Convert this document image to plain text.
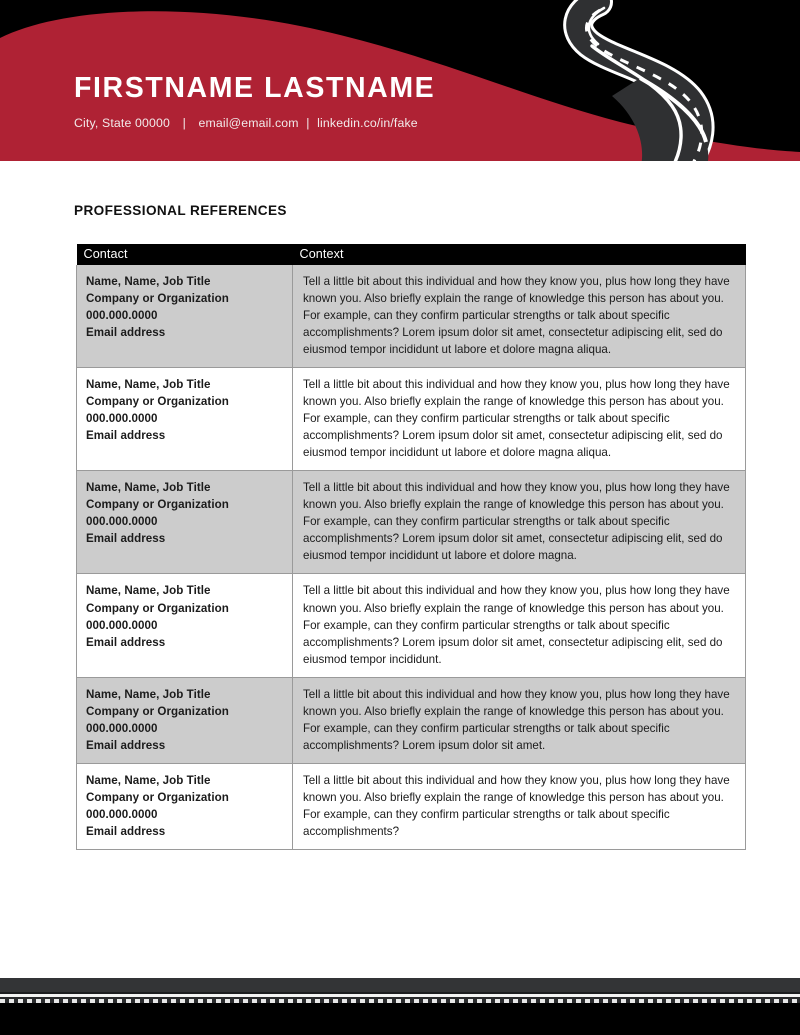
FIRSTNAME LASTNAME

City, State 00000 | email@email.com | linkedin.co/in/fake

PROFESSIONAL REFERENCES
Contact	Context

Name, Name, Job Title
Company or Organization
000.000.0000
Email address
	Tell a little bit about this individual and how they know you, plus how long they have known you. Also briefly explain the range of knowledge this person has about you. For example, can they confirm particular strengths or talk about specific accomplishments? Lorem ipsum dolor sit amet, consectetur adipiscing elit, sed do eiusmod tempor incididunt ut labore et dolore magna aliqua.

Name, Name, Job Title
Company or Organization
000.000.0000
Email address
	Tell a little bit about this individual and how they know you, plus how long they have known you. Also briefly explain the range of knowledge this person has about you. For example, can they confirm particular strengths or talk about specific accomplishments? Lorem ipsum dolor sit amet, consectetur adipiscing elit, sed do eiusmod tempor incididunt ut labore et dolore magna aliqua.

Name, Name, Job Title
Company or Organization
000.000.0000
Email address
	Tell a little bit about this individual and how they know you, plus how long they have known you. Also briefly explain the range of knowledge this person has about you. For example, can they confirm particular strengths or talk about specific accomplishments? Lorem ipsum dolor sit amet, consectetur adipiscing elit, sed do eiusmod tempor incididunt ut labore et dolore magna.

Name, Name, Job Title
Company or Organization
000.000.0000
Email address
	Tell a little bit about this individual and how they know you, plus how long they have known you. Also briefly explain the range of knowledge this person has about you. For example, can they confirm particular strengths or talk about specific accomplishments? Lorem ipsum dolor sit amet, consectetur adipiscing elit, sed do eiusmod tempor incididunt.

Name, Name, Job Title
Company or Organization
000.000.0000
Email address
	Tell a little bit about this individual and how they know you, plus how long they have known you. Also briefly explain the range of knowledge this person has about you. For example, can they confirm particular strengths or talk about specific accomplishments? Lorem ipsum dolor sit amet.

Name, Name, Job Title
Company or Organization
000.000.0000
Email address
	Tell a little bit about this individual and how they know you, plus how long they have known you. Also briefly explain the range of knowledge this person has about you. For example, can they confirm particular strengths or talk about specific accomplishments?
